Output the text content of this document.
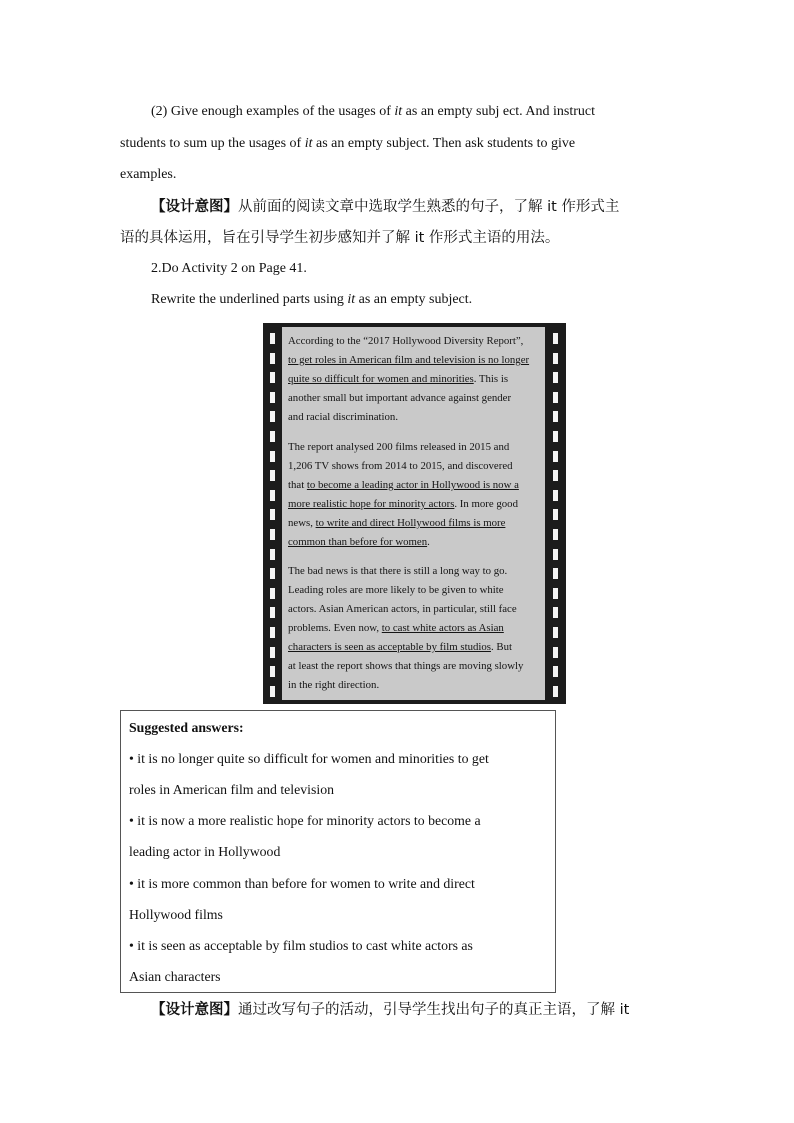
(2) Give enough examples of the usages of it as an empty subj ect. And instruct
students to sum up the usages of it as an empty subject. Then ask students to give
examples.
【设计意图】从前面的阅读文章中选取学生熟悉的句子，了解 it 作形式主
语的具体运用，旨在引导学生初步感知并了解 it 作形式主语的用法。
2.Do Activity 2 on Page 41.
Rewrite the underlined parts using it as an empty subject.
According to the “2017 Hollywood Diversity Report”,
to get roles in American film and television is no longer
quite so difficult for women and minorities. This is
another small but important advance against gender
and racial discrimination.
The report analysed 200 films released in 2015 and
1,206 TV shows from 2014 to 2015, and discovered
that to become a leading actor in Hollywood is now a
more realistic hope for minority actors. In more good
news, to write and direct Hollywood films is more
common than before for women.
The bad news is that there is still a long way to go.
Leading roles are more likely to be given to white
actors. Asian American actors, in particular, still face
problems. Even now, to cast white actors as Asian
characters is seen as acceptable by film studios. But
at least the report shows that things are moving slowly
in the right direction.
Suggested answers:
• it is no longer quite so difficult for women and minorities to get
roles in American film and television
• it is now a more realistic hope for minority actors to become a
leading actor in Hollywood
• it is more common than before for women to write and direct
Hollywood films
• it is seen as acceptable by film studios to cast white actors as
Asian characters
【设计意图】通过改写句子的活动，引导学生找出句子的真正主语，了解 it
